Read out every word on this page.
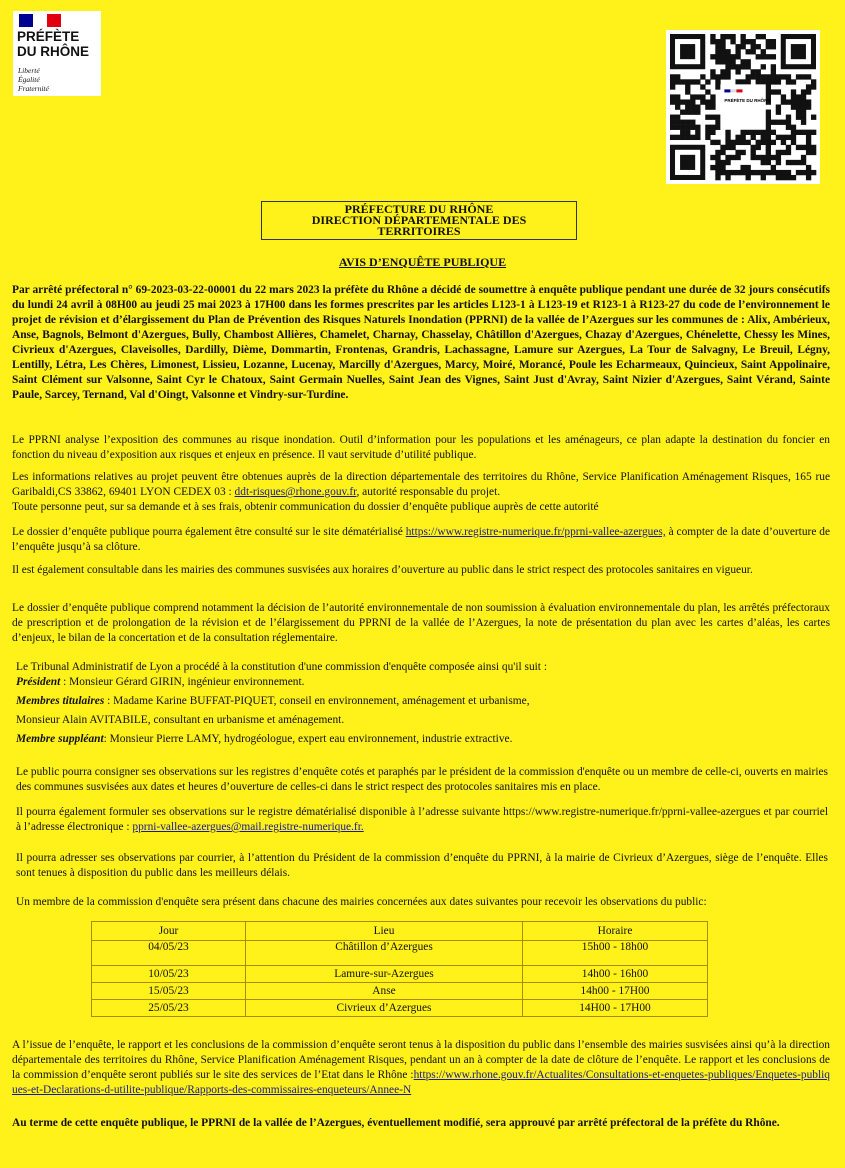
PRÉFÈTE
DU RHÔNE
Liberté
Égalité
Fraternité
PRÉFÈTE DU RHÔNE
PRÉFECTURE DU RHÔNE
DIRECTION DÉPARTEMENTALE DES
TERRITOIRES
AVIS D’ENQUÊTE PUBLIQUE

Par arrêté préfectoral n° 69-2023-03-22-00001 du 22 mars 2023 la préfète du Rhône a décidé de soumettre à enquête publique pendant une durée de 32 jours consécutifs du lundi 24 avril à 08H00 au jeudi 25 mai 2023 à 17H00 dans les formes prescrites par les articles L123-1 à L123-19 et R123-1 à R123-27 du code de l’environnement le projet de révision et d’élargissement du Plan de Prévention des Risques Naturels Inondation (PPRNI) de la vallée de l’Azergues sur les communes de : Alix, Ambérieux, Anse, Bagnols, Belmont d'Azergues, Bully, Chambost Allières, Chamelet, Charnay, Chasselay, Châtillon d'Azergues, Chazay d'Azergues, Chénelette, Chessy les Mines, Civrieux d'Azergues, Claveisolles, Dardilly, Dième, Dommartin, Frontenas, Grandris, Lachassagne, Lamure sur Azergues, La Tour de Salvagny, Le Breuil, Légny, Lentilly, Létra, Les Chères, Limonest, Lissieu, Lozanne, Lucenay, Marcilly d'Azergues, Marcy, Moiré, Morancé, Poule les Echarmeaux, Quincieux, Saint Appolinaire, Saint Clément sur Valsonne, Saint Cyr le Chatoux, Saint Germain Nuelles, Saint Jean des Vignes, Saint Just d'Avray, Saint Nizier d'Azergues, Saint Vérand, Sainte Paule, Sarcey, Ternand, Val d'Oingt, Valsonne et Vindry-sur-Turdine.

Le PPRNI analyse l’exposition des communes au risque inondation. Outil d’information pour les populations et les aménageurs, ce plan adapte la destination du foncier en fonction du niveau d’exposition aux risques et enjeux en présence. Il vaut servitude d’utilité publique.

Les informations relatives au projet peuvent être obtenues auprès de la direction départementale des territoires du Rhône, Service Planification Aménagement Risques, 165 rue Garibaldi,CS 33862, 69401 LYON CEDEX 03 : ddt-risques@rhone.gouv.fr, autorité responsable du projet.
Toute personne peut, sur sa demande et à ses frais, obtenir communication du dossier d’enquête publique auprès de cette autorité

Le dossier d’enquête publique pourra également être consulté sur le site dématérialisé https://www.registre-numerique.fr/pprni-vallee-azergues, à compter de la date d’ouverture de l’enquête jusqu’à sa clôture.

Il est également consultable dans les mairies des communes susvisées aux horaires d’ouverture au public dans le strict respect des protocoles sanitaires en vigueur.

Le dossier d’enquête publique comprend notamment la décision de l’autorité environnementale de non soumission à évaluation environnementale du plan, les arrêtés préfectoraux de prescription et de prolongation de la révision et de l’élargissement du PPRNI de la vallée de l’Azergues, la note de présentation du plan avec les cartes d’aléas, les cartes d’enjeux, le bilan de la concertation et de la consultation réglementaire.

Le Tribunal Administratif de Lyon a procédé à la constitution d'une commission d'enquête composée ainsi qu'il suit :
Président : Monsieur Gérard GIRIN, ingénieur environnement.
Membres titulaires : Madame Karine BUFFAT-PIQUET, conseil en environnement, aménagement et urbanisme,
Monsieur Alain AVITABILE, consultant en urbanisme et aménagement.
Membre suppléant: Monsieur Pierre LAMY, hydrogéologue, expert eau environnement, industrie extractive.

Le public pourra consigner ses observations sur les registres d’enquête cotés et paraphés par le président de la commission d'enquête ou un membre de celle-ci, ouverts en mairies des communes susvisées aux dates et heures d’ouverture de celles-ci dans le strict respect des protocoles sanitaires mis en place.

Il pourra également formuler ses observations sur le registre dématérialisé disponible à l’adresse suivante https://www.registre-numerique.fr/pprni-vallee-azergues et par courriel à l’adresse électronique : pprni-vallee-azergues@mail.registre-numerique.fr.

Il pourra adresser ses observations par courrier, à l’attention du Président de la commission d’enquête du PPRNI, à la mairie de Civrieux d’Azergues, siège de l’enquête. Elles sont tenues à disposition du public dans les meilleurs délais.

Un membre de la commission d'enquête sera présent dans chacune des mairies concernées aux dates suivantes pour recevoir les observations du public:

Jour	Lieu	Horaire
04/05/23	Châtillon d’Azergues	15h00 - 18h00
10/05/23	Lamure-sur-Azergues	14h00 - 16h00
15/05/23	Anse	14h00 - 17H00
25/05/23	Civrieux d’Azergues	14H00 - 17H00

A l’issue de l’enquête, le rapport et les conclusions de la commission d’enquête seront tenus à la disposition du public dans l’ensemble des mairies susvisées ainsi qu’à la direction départementale des territoires du Rhône, Service Planification Aménagement Risques, pendant un an à compter de la date de clôture de l’enquête. Le rapport et les conclusions de la commission d’enquête seront publiés sur le site des services de l’Etat dans le Rhône :https://www.rhone.gouv.fr/Actualites/Consultations-et-enquetes-publiques/Enquetes-publiques-et-Declarations-d-utilite-publique/Rapports-des-commissaires-enqueteurs/Annee-N

Au terme de cette enquête publique, le PPRNI de la vallée de l’Azergues, éventuellement modifié, sera approuvé par arrêté préfectoral de la préfète du Rhône.
